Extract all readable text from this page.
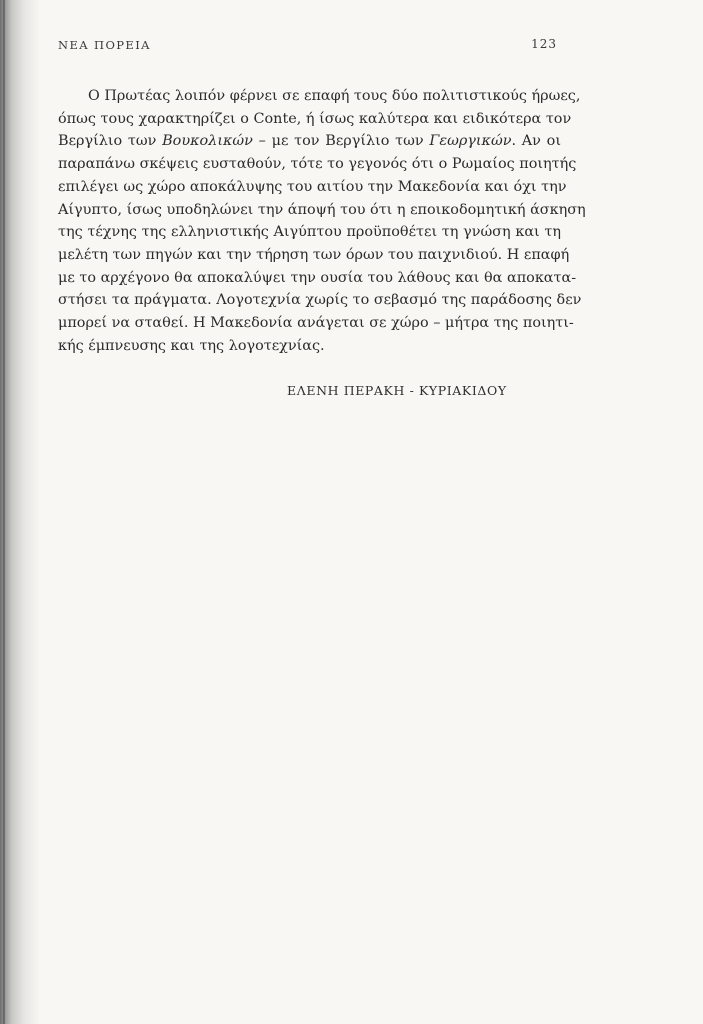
ΝΕΑ ΠΟΡΕΙΑ	123
Ο Πρωτέας λοιπόν φέρνει σε επαφή τους δύο πολιτιστικούς ήρωες,
όπως τους χαρακτηρίζει ο Conte, ή ίσως καλύτερα και ειδικότερα τον
Βεργίλιο των Βουκολικών – με τον Βεργίλιο των Γεωργικών. Αν οι
παραπάνω σκέψεις ευσταθούν, τότε το γεγονός ότι ο Ρωμαίος ποιητής
επιλέγει ως χώρο αποκάλυψης του αιτίου την Μακεδονία και όχι την
Αίγυπτο, ίσως υποδηλώνει την άποψή του ότι η εποικοδομητική άσκηση
της τέχνης της ελληνιστικής Αιγύπτου προϋποθέτει τη γνώση και τη
μελέτη των πηγών και την τήρηση των όρων του παιχνιδιού. Η επαφή
με το αρχέγονο θα αποκαλύψει την ουσία του λάθους και θα αποκατα-
στήσει τα πράγματα. Λογοτεχνία χωρίς το σεβασμό της παράδοσης δεν
μπορεί να σταθεί. Η Μακεδονία ανάγεται σε χώρο – μήτρα της ποιητι-
κής έμπνευσης και της λογοτεχνίας.
ΕΛΕΝΗ ΠΕΡΑΚΗ - ΚΥΡΙΑΚΙΔΟΥ
